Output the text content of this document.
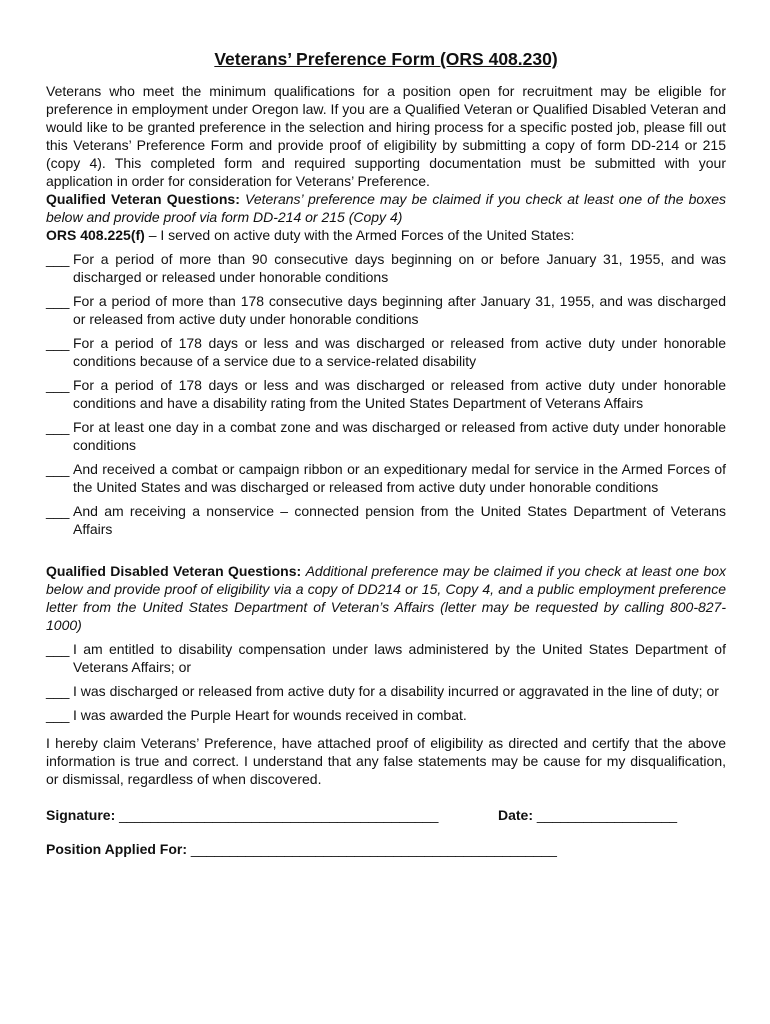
Veterans’ Preference Form (ORS 408.230)

Veterans who meet the minimum qualifications for a position open for recruitment may be eligible for preference in employment under Oregon law. If you are a Qualified Veteran or Qualified Disabled Veteran and would like to be granted preference in the selection and hiring process for a specific posted job, please fill out this Veterans’ Preference Form and provide proof of eligibility by submitting a copy of form DD-214 or 215 (copy 4). This completed form and required supporting documentation must be submitted with your application in order for consideration for Veterans’ Preference.

Qualified Veteran Questions: Veterans’ preference may be claimed if you check at least one of the boxes below and provide proof via form DD-214 or 215 (Copy 4)

ORS 408.225(f) – I served on active duty with the Armed Forces of the United States:

___ For a period of more than 90 consecutive days beginning on or before January 31, 1955, and was discharged or released under honorable conditions
___ For a period of more than 178 consecutive days beginning after January 31, 1955, and was discharged or released from active duty under honorable conditions
___ For a period of 178 days or less and was discharged or released from active duty under honorable conditions because of a service due to a service-related disability
___ For a period of 178 days or less and was discharged or released from active duty under honorable conditions and have a disability rating from the United States Department of Veterans Affairs
___ For at least one day in a combat zone and was discharged or released from active duty under honorable conditions
___ And received a combat or campaign ribbon or an expeditionary medal for service in the Armed Forces of the United States and was discharged or released from active duty under honorable conditions
___ And am receiving a nonservice – connected pension from the United States Department of Veterans Affairs

Qualified Disabled Veteran Questions: Additional preference may be claimed if you check at least one box below and provide proof of eligibility via a copy of DD214 or 15, Copy 4, and a public employment preference letter from the United States Department of Veteran’s Affairs (letter may be requested by calling 800-827-1000)

___ I am entitled to disability compensation under laws administered by the United States Department of Veterans Affairs; or
___ I was discharged or released from active duty for a disability incurred or aggravated in the line of duty; or
___ I was awarded the Purple Heart for wounds received in combat.

I hereby claim Veterans’ Preference, have attached proof of eligibility as directed and certify that the above information is true and correct. I understand that any false statements may be cause for my disqualification, or dismissal, regardless of when discovered.

Signature: _________________________________________	Date: __________________
Position Applied For: _______________________________________________
